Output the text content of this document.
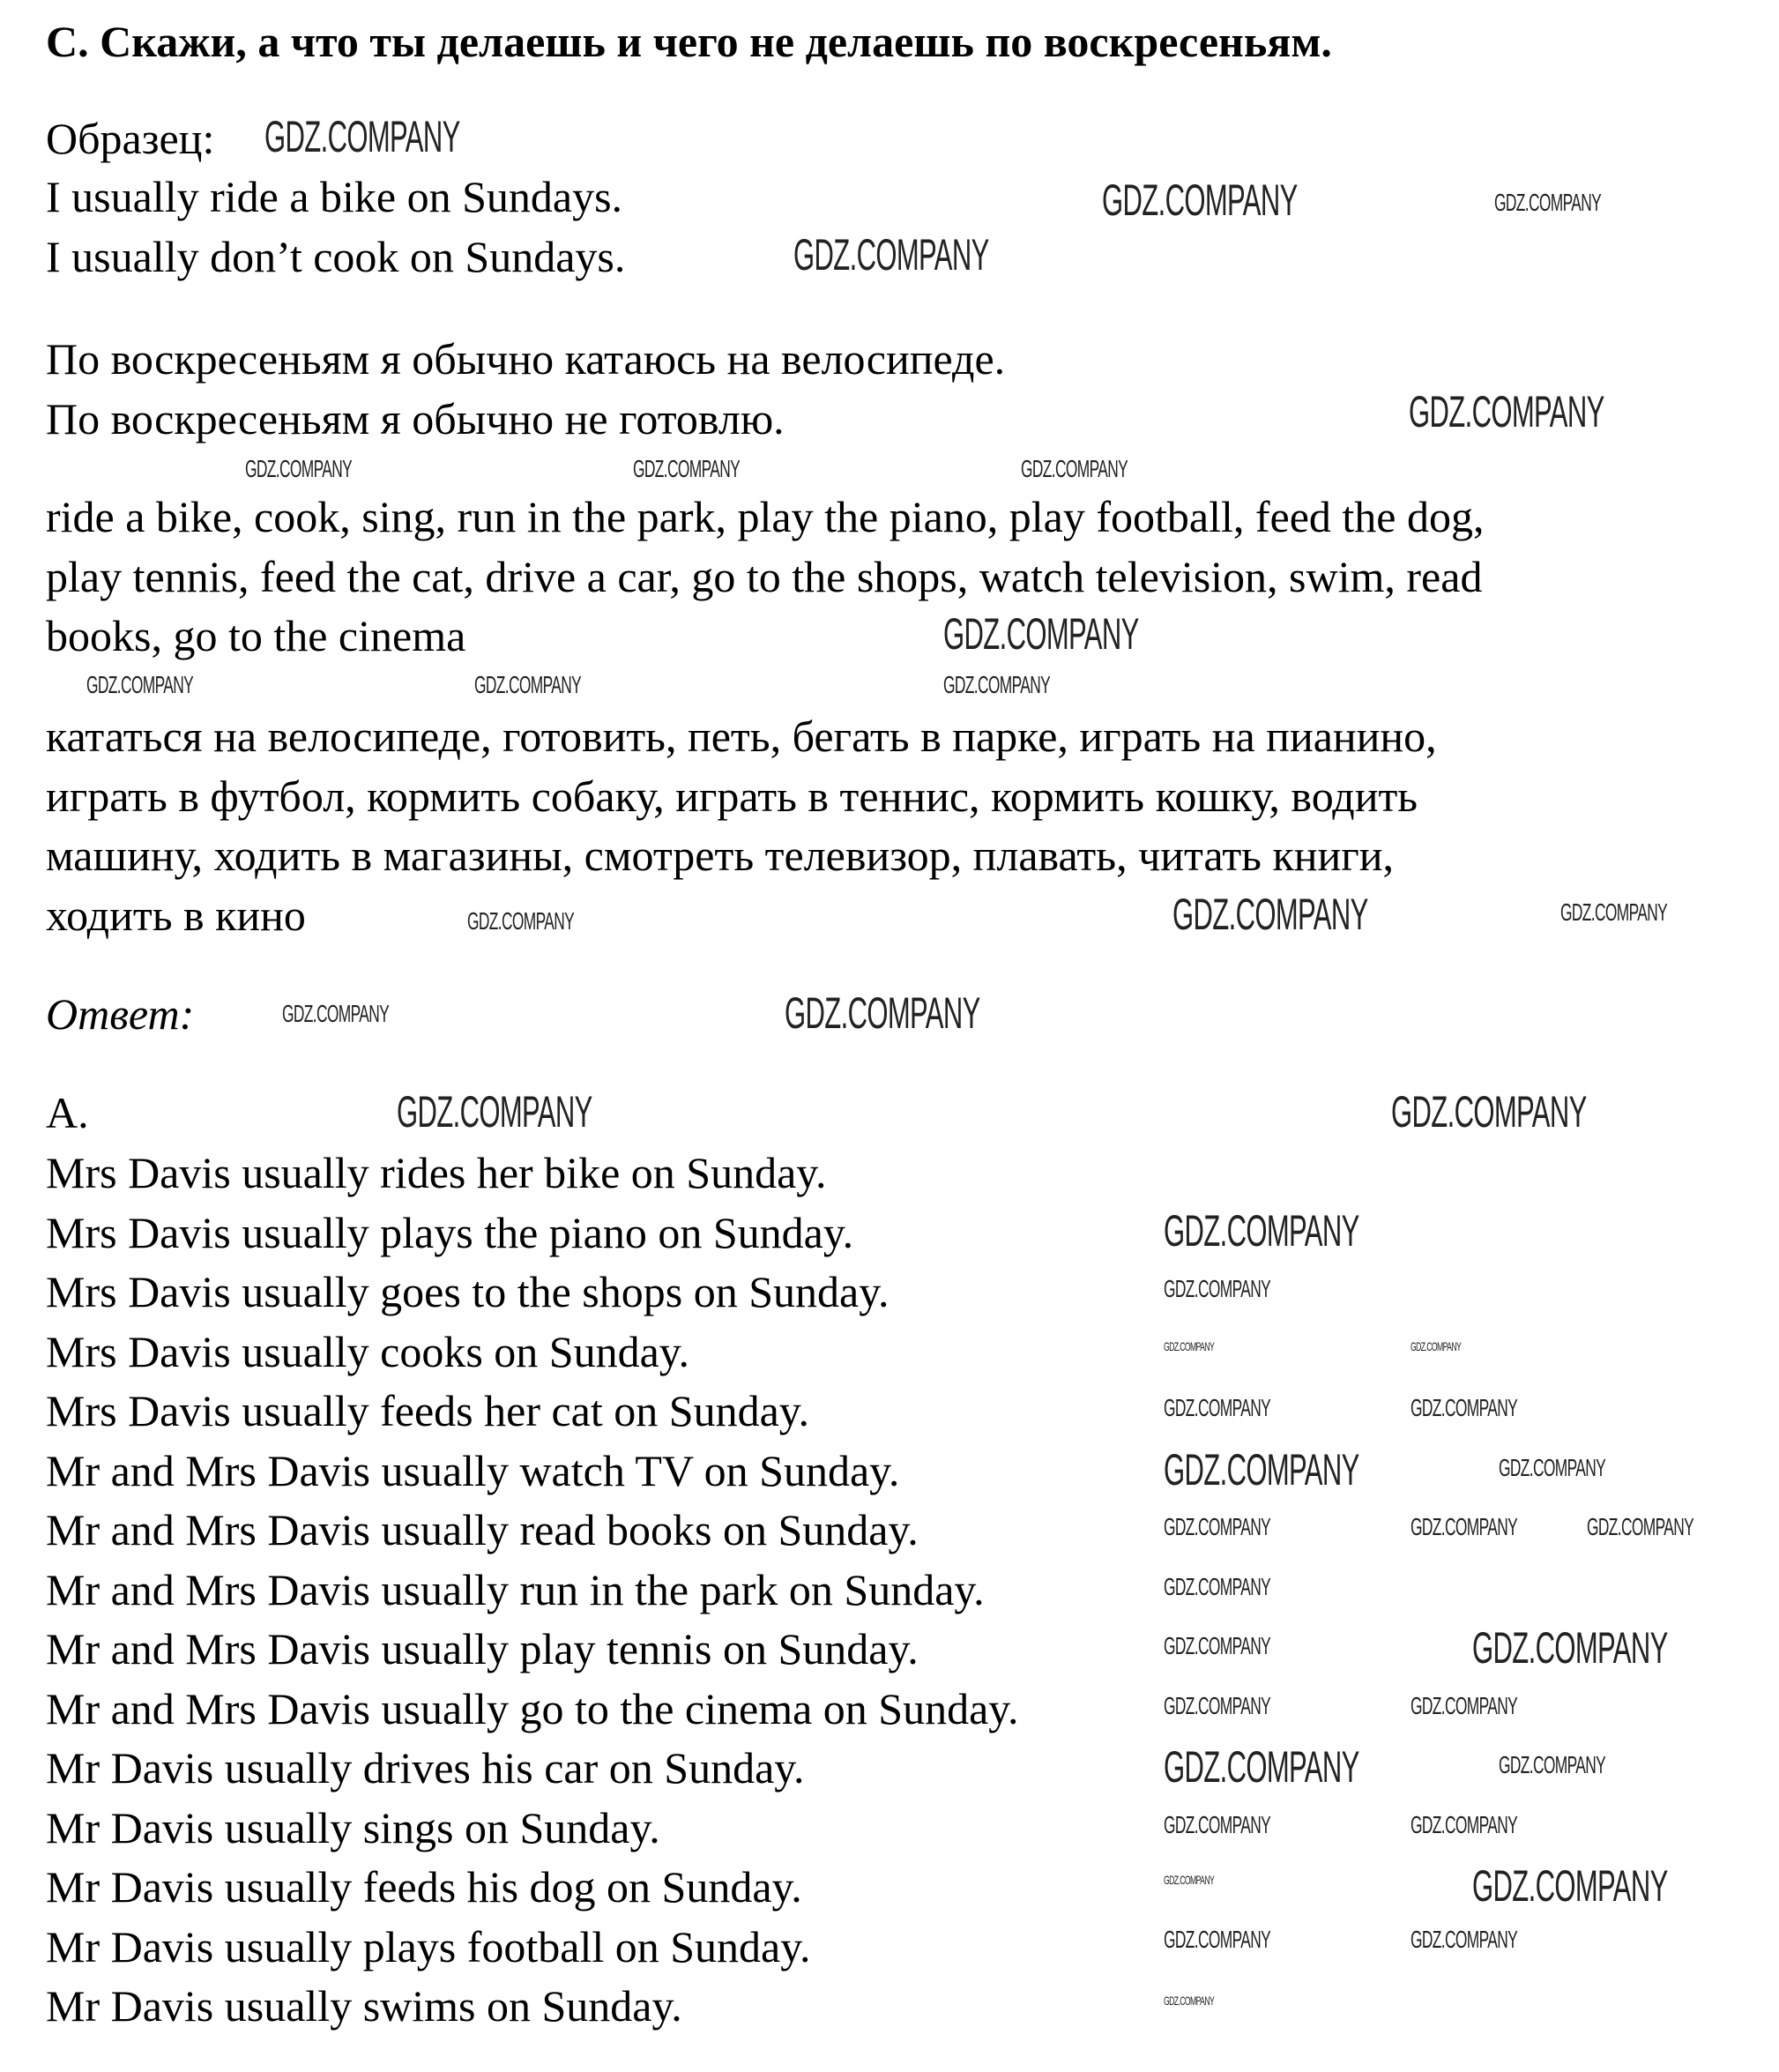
C. Скажи, а что ты делаешь и чего не делаешь по воскресеньям.
Образец:
I usually ride a bike on Sundays.
I usually don’t cook on Sundays.
По воскресеньям я обычно катаюсь на велосипеде.
По воскресеньям я обычно не готовлю.
ride a bike, cook, sing, run in the park, play the piano, play football, feed the dog,
play tennis, feed the cat, drive a car, go to the shops, watch television, swim, read
books, go to the cinema
кататься на велосипеде, готовить, петь, бегать в парке, играть на пианино,
играть в футбол, кормить собаку, играть в теннис, кормить кошку, водить
машину, ходить в магазины, смотреть телевизор, плавать, читать книги,
ходить в кино
Ответ:
A.
Mrs Davis usually rides her bike on Sunday.
Mrs Davis usually plays the piano on Sunday.
Mrs Davis usually goes to the shops on Sunday.
Mrs Davis usually cooks on Sunday.
Mrs Davis usually feeds her cat on Sunday.
Mr and Mrs Davis usually watch TV on Sunday.
Mr and Mrs Davis usually read books on Sunday.
Mr and Mrs Davis usually run in the park on Sunday.
Mr and Mrs Davis usually play tennis on Sunday.
Mr and Mrs Davis usually go to the cinema on Sunday.
Mr Davis usually drives his car on Sunday.
Mr Davis usually sings on Sunday.
Mr Davis usually feeds his dog on Sunday.
Mr Davis usually plays football on Sunday.
Mr Davis usually swims on Sunday.
GDZ.COMPANY
GDZ.COMPANY	GDZ.COMPANY
GDZ.COMPANY
GDZ.COMPANY
GDZ.COMPANY	GDZ.COMPANY	GDZ.COMPANY
GDZ.COMPANY	GDZ.COMPANY	GDZ.COMPANY
GDZ.COMPANY
GDZ.COMPANY	GDZ.COMPANY	GDZ.COMPANY
GDZ.COMPANY	GDZ.COMPANY
GDZ.COMPANY	GDZ.COMPANY
GDZ.COMPANY
GDZ.COMPANY
GDZ.COMPANY
GDZ.COMPANY
GDZ.COMPANY
GDZ.COMPANY	GDZ.COMPANY
GDZ.COMPANY
GDZ.COMPANY	GDZ.COMPANY
GDZ.COMPANY
GDZ.COMPANY	GDZ.COMPANY	GDZ.COMPANY
GDZ.COMPANY
GDZ.COMPANY
GDZ.COMPANY	GDZ.COMPANY
GDZ.COMPANY
GDZ.COMPANY	GDZ.COMPANY
GDZ.COMPANY	GDZ.COMPANY
GDZ.COMPANY
GDZ.COMPANY
